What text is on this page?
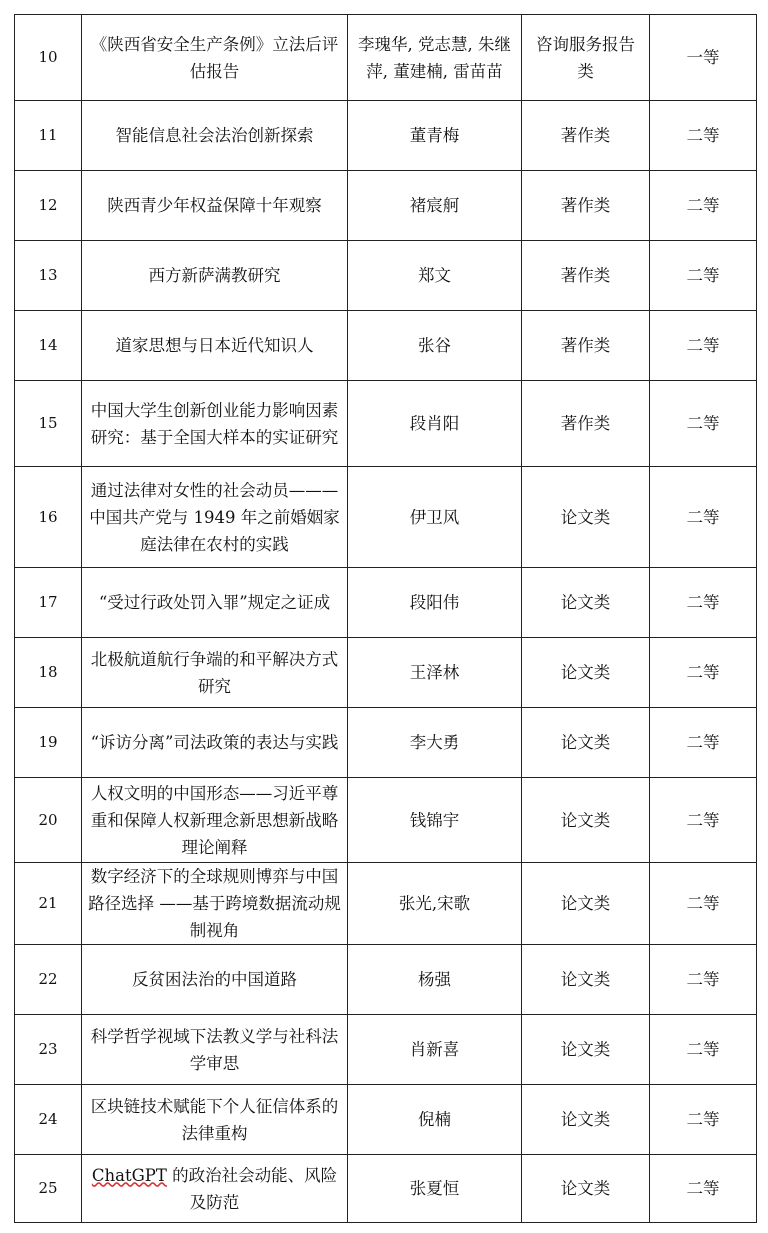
10	《陕西省安全生产条例》立法后评估报告	李瑰华, 党志慧, 朱继萍, 董建楠, 雷苗苗	咨询服务报告类	一等
11	智能信息社会法治创新探索	董青梅	著作类	二等
12	陕西青少年权益保障十年观察	褚宸舸	著作类	二等
13	西方新萨满教研究	郑文	著作类	二等
14	道家思想与日本近代知识人	张谷	著作类	二等
15	中国大学生创新创业能力影响因素研究：基于全国大样本的实证研究	段肖阳	著作类	二等
16	通过法律对女性的社会动员———中国共产党与 1949 年之前婚姻家庭法律在农村的实践	伊卫风	论文类	二等
17	“受过行政处罚入罪”规定之证成	段阳伟	论文类	二等
18	北极航道航行争端的和平解决方式研究	王泽林	论文类	二等
19	“诉访分离”司法政策的表达与实践	李大勇	论文类	二等
20	人权文明的中国形态——习近平尊重和保障人权新理念新思想新战略理论阐释	钱锦宇	论文类	二等
21	数字经济下的全球规则博弈与中国路径选择 ——基于跨境数据流动规制视角	张光,宋歌	论文类	二等
22	反贫困法治的中国道路	杨强	论文类	二等
23	科学哲学视域下法教义学与社科法学审思	肖新喜	论文类	二等
24	区块链技术赋能下个人征信体系的法律重构	倪楠	论文类	二等
25	ChatGPT 的政治社会动能、风险及防范	张夏恒	论文类	二等
